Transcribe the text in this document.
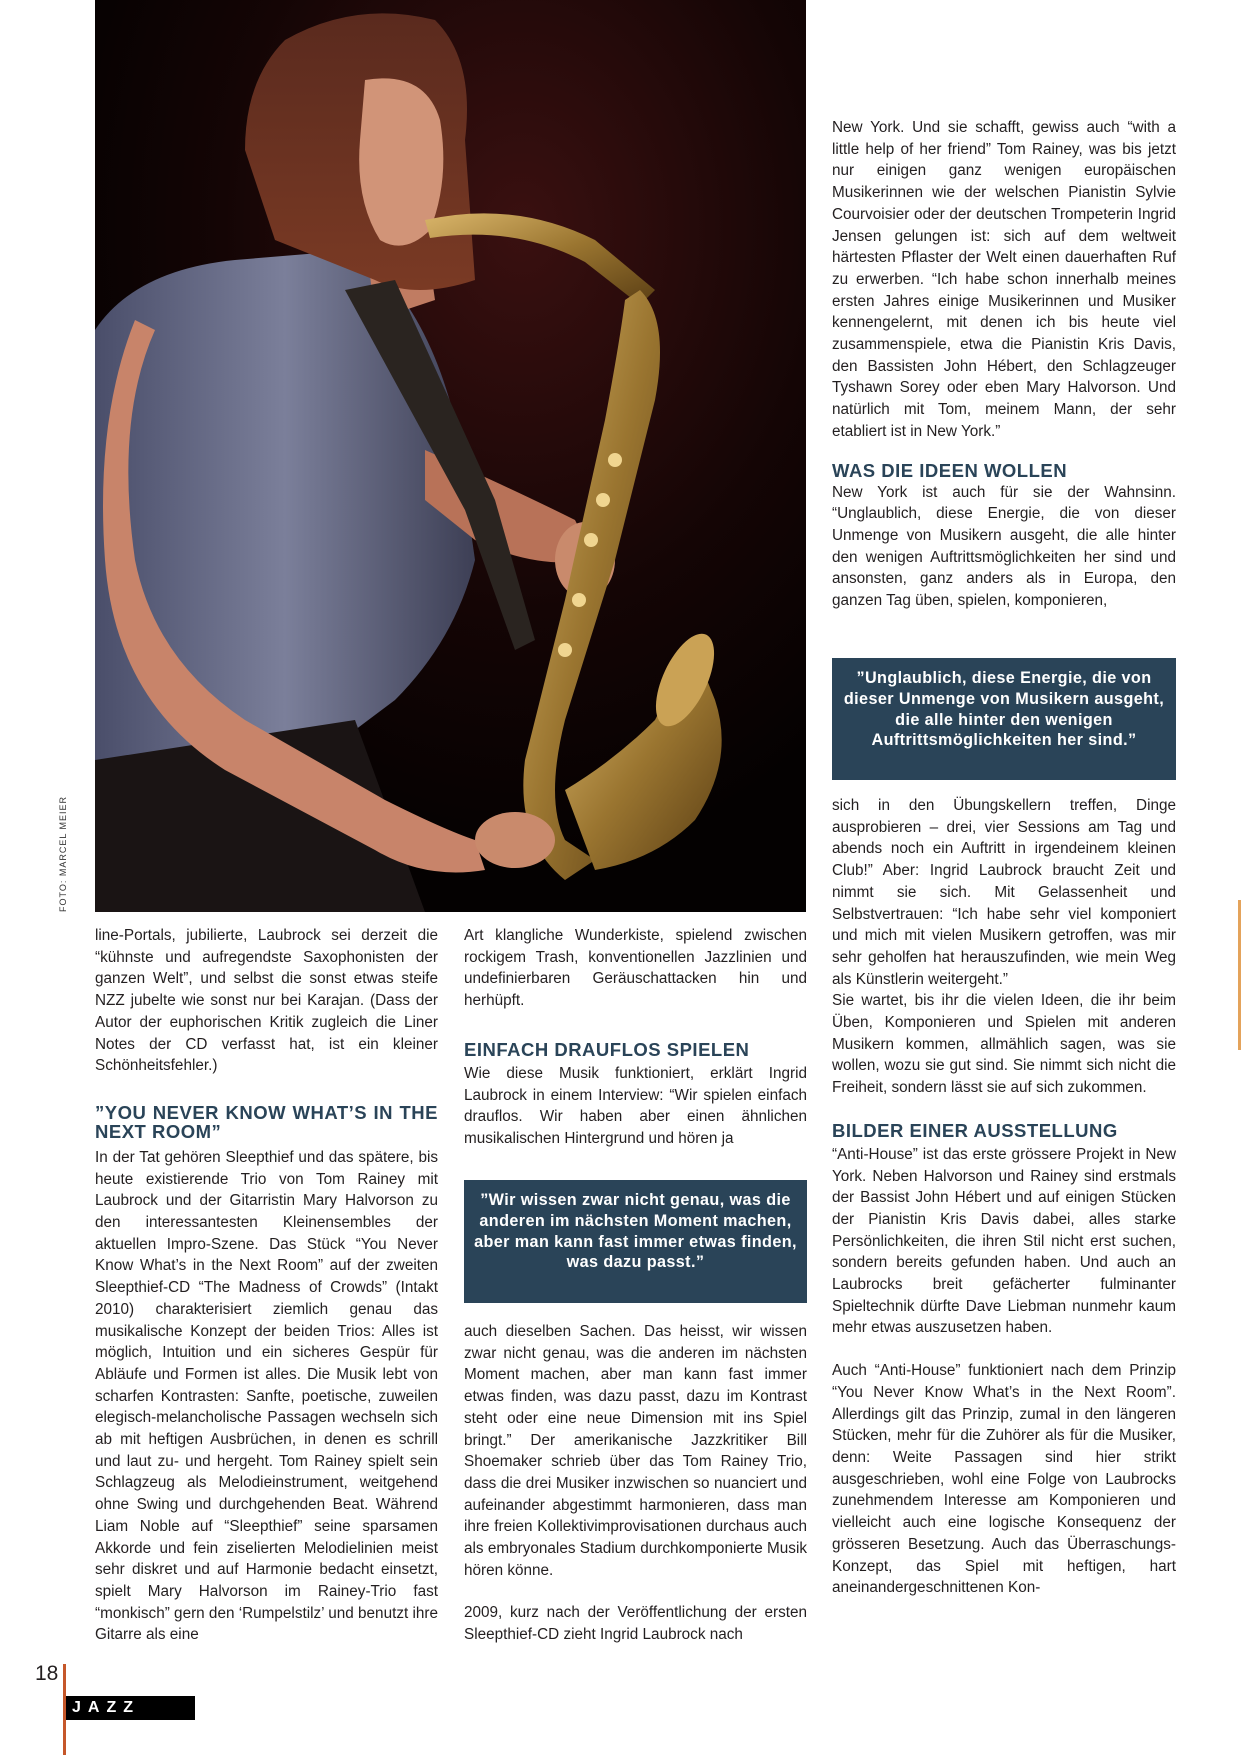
FOTO: MARCEL MEIER

line-Portals, jubilierte, Laubrock sei derzeit die “kühnste und aufregendste Saxophonisten der ganzen Welt”, und selbst die sonst etwas steife NZZ jubelte wie sonst nur bei Karajan. (Dass der Autor der euphorischen Kritik zugleich die Liner Notes der CD verfasst hat, ist ein kleiner Schönheitsfehler.)

”YOU NEVER KNOW WHAT’S IN THE NEXT ROOM”

In der Tat gehören Sleepthief und das spätere, bis heute existierende Trio von Tom Rainey mit Laubrock und der Gitarristin Mary Halvorson zu den interessantesten Kleinensembles der aktuellen Impro-Szene. Das Stück “You Never Know What’s in the Next Room” auf der zweiten Sleepthief-CD “The Madness of Crowds” (Intakt 2010) charakterisiert ziemlich genau das musikalische Konzept der beiden Trios: Alles ist möglich, Intuition und ein sicheres Gespür für Abläufe und Formen ist alles. Die Musik lebt von scharfen Kontrasten: Sanfte, poetische, zuweilen elegisch-melancholische Passagen wechseln sich ab mit heftigen Ausbrüchen, in denen es schrill und laut zu- und hergeht. Tom Rainey spielt sein Schlagzeug als Melodieinstrument, weitgehend ohne Swing und durchgehenden Beat. Während Liam Noble auf “Sleepthief” seine sparsamen Akkorde und fein ziselierten Melodielinien meist sehr diskret und auf Harmonie bedacht einsetzt, spielt Mary Halvorson im Rainey-Trio fast “monkisch” gern den ‘Rumpelstilz’ und benutzt ihre Gitarre als eine

Art klangliche Wunderkiste, spielend zwischen rockigem Trash, konventionellen Jazzlinien und undefinierbaren Geräuschattacken hin und herhüpft.

EINFACH DRAUFLOS SPIELEN

Wie diese Musik funktioniert, erklärt Ingrid Laubrock in einem Interview: “Wir spielen einfach drauflos. Wir haben aber einen ähnlichen musikalischen Hintergrund und hören ja

”Wir wissen zwar nicht genau, was die anderen im nächsten Moment machen, aber man kann fast immer etwas finden, was dazu passt.”

auch dieselben Sachen. Das heisst, wir wissen zwar nicht genau, was die anderen im nächsten Moment machen, aber man kann fast immer etwas finden, was dazu passt, dazu im Kontrast steht oder eine neue Dimension mit ins Spiel bringt.” Der amerikanische Jazzkritiker Bill Shoemaker schrieb über das Tom Rainey Trio, dass die drei Musiker inzwischen so nuanciert und aufeinander abgestimmt harmonieren, dass man ihre freien Kollektivimprovisationen durchaus auch als embryonales Stadium durchkomponierte Musik hören könne.

2009, kurz nach der Veröffentlichung der ersten Sleepthief-CD zieht Ingrid Laubrock nach

New York. Und sie schafft, gewiss auch “with a little help of her friend” Tom Rainey, was bis jetzt nur einigen ganz wenigen europäischen Musikerinnen wie der welschen Pianistin Sylvie Courvoisier oder der deutschen Trompeterin Ingrid Jensen gelungen ist: sich auf dem weltweit härtesten Pflaster der Welt einen dauerhaften Ruf zu erwerben. “Ich habe schon innerhalb meines ersten Jahres einige Musikerinnen und Musiker kennengelernt, mit denen ich bis heute viel zusammenspiele, etwa die Pianistin Kris Davis, den Bassisten John Hébert, den Schlagzeuger Tyshawn Sorey oder eben Mary Halvorson. Und natürlich mit Tom, meinem Mann, der sehr etabliert ist in New York.”

WAS DIE IDEEN WOLLEN

New York ist auch für sie der Wahnsinn. “Unglaublich, diese Energie, die von dieser Unmenge von Musikern ausgeht, die alle hinter den wenigen Auftrittsmöglichkeiten her sind und ansonsten, ganz anders als in Europa, den ganzen Tag üben, spielen, komponieren,

”Unglaublich, diese Energie, die von dieser Unmenge von Musikern ausgeht, die alle hinter den wenigen Auftrittsmöglichkeiten her sind.”

sich in den Übungskellern treffen, Dinge ausprobieren – drei, vier Sessions am Tag und abends noch ein Auftritt in irgendeinem kleinen Club!” Aber: Ingrid Laubrock braucht Zeit und nimmt sie sich. Mit Gelassenheit und Selbstvertrauen: “Ich habe sehr viel komponiert und mich mit vielen Musikern getroffen, was mir sehr geholfen hat herauszufinden, wie mein Weg als Künstlerin weitergeht.”

Sie wartet, bis ihr die vielen Ideen, die ihr beim Üben, Komponieren und Spielen mit anderen Musikern kommen, allmählich sagen, was sie wollen, wozu sie gut sind. Sie nimmt sich nicht die Freiheit, sondern lässt sie auf sich zukommen.

BILDER EINER AUSSTELLUNG

“Anti-House” ist das erste grössere Projekt in New York. Neben Halvorson und Rainey sind erstmals der Bassist John Hébert und auf einigen Stücken der Pianistin Kris Davis dabei, alles starke Persönlichkeiten, die ihren Stil nicht erst suchen, sondern bereits gefunden haben. Und auch an Laubrocks breit gefächerter fulminanter Spieltechnik dürfte Dave Liebman nunmehr kaum mehr etwas auszusetzen haben.

Auch “Anti-House” funktioniert nach dem Prinzip “You Never Know What’s in the Next Room”. Allerdings gilt das Prinzip, zumal in den längeren Stücken, mehr für die Zuhörer als für die Musiker, denn: Weite Passagen sind hier strikt ausgeschrieben, wohl eine Folge von Laubrocks zunehmendem Interesse am Komponieren und vielleicht auch eine logische Konsequenz der grösseren Besetzung. Auch das Überraschungs-Konzept, das Spiel mit heftigen, hart aneinandergeschnittenen Kon-

18
JAZZ
